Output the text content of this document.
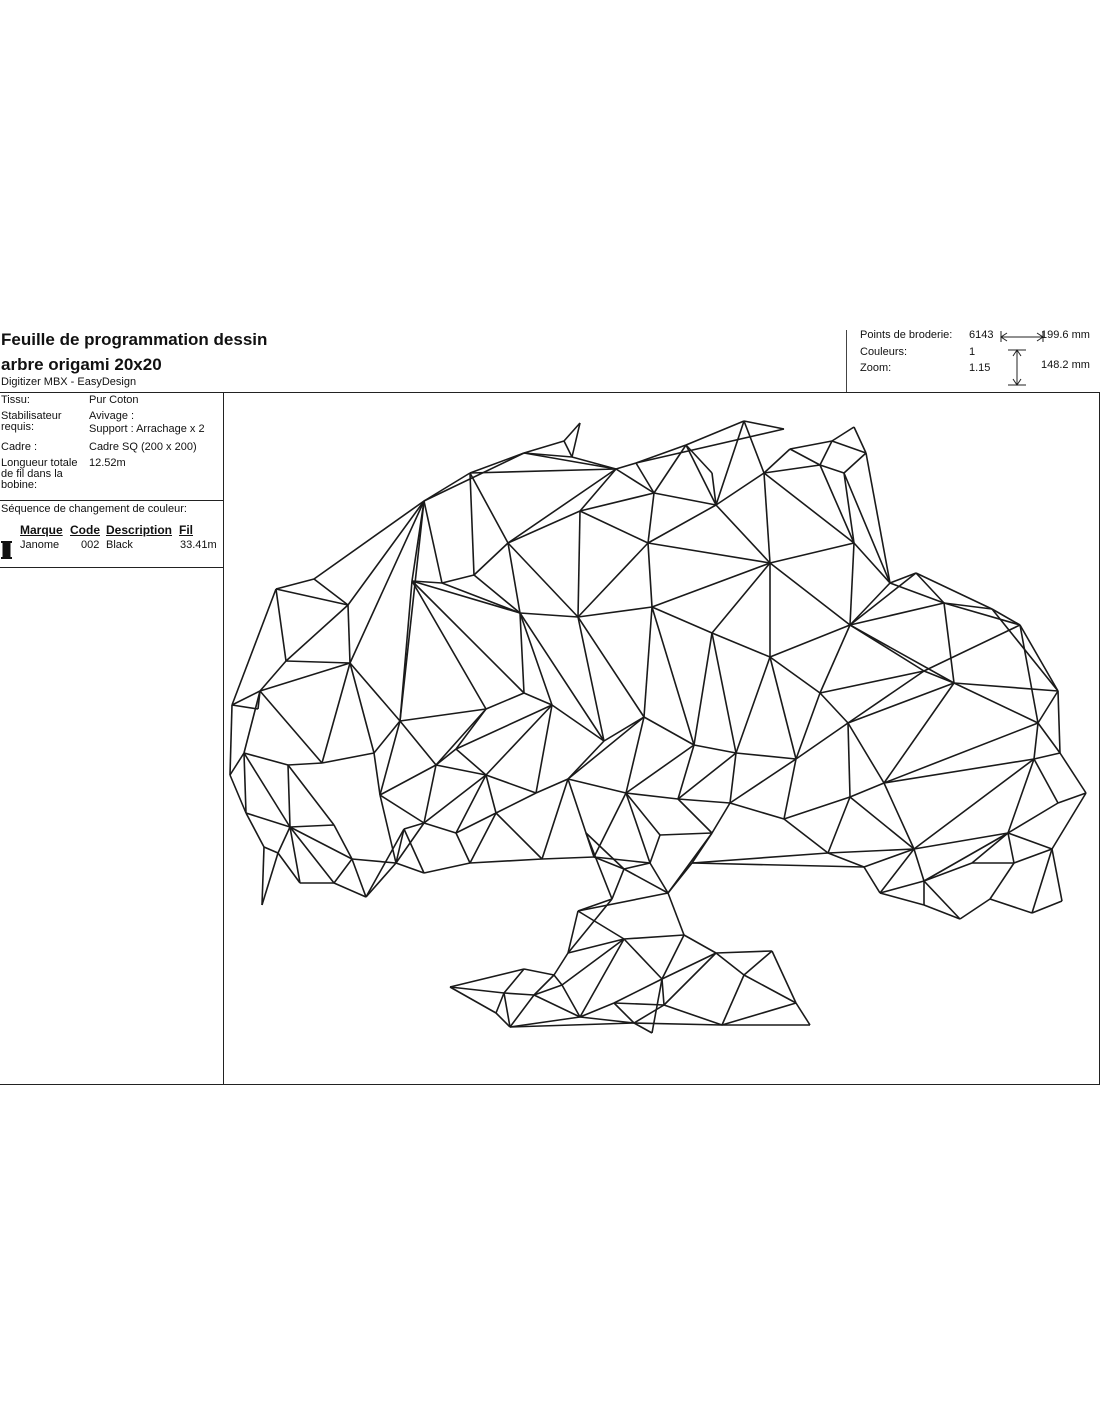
Feuille de programmation dessin
arbre origami 20x20
Digitizer MBX - EasyDesign
Points de broderie: 6143
Couleurs:	1
Zoom:	1.15
199.6 mm
148.2 mm
Tissu:	Pur Coton
Stabilisateur requis:
Avivage :
Support : Arrachage x 2
Cadre :	Cadre SQ (200 x 200)
Longueur totale de fil dans la bobine:
12.52m
Séquence de changement de couleur:
Marque Code Description Fil
Janome 002 Black	33.41m
